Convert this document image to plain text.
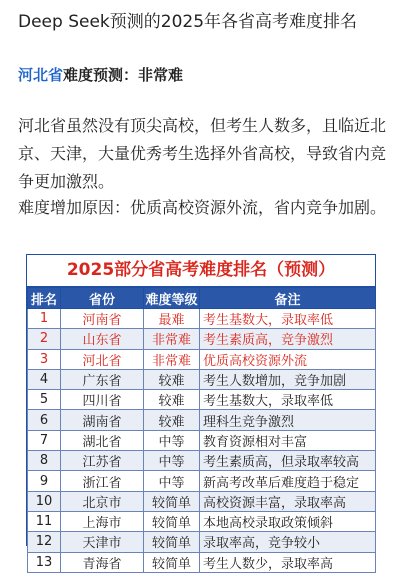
Deep Seek预测的2025年各省高考难度排名
河北省难度预测：非常难
河北省虽然没有顶尖高校，但考生人数多，且临近北京、天津，大量优秀考生选择外省高校，导致省内竞争更加激烈。
难度增加原因：优质高校资源外流，省内竞争加剧。
2025部分省高考难度排名（预测）
排名	省份	难度等级	备注
1	河南省	最难	考生基数大，录取率低
2	山东省	非常难	考生素质高，竞争激烈
3	河北省	非常难	优质高校资源外流
4	广东省	较难	考生人数增加，竞争加剧
5	四川省	较难	考生基数大，录取率低
6	湖南省	较难	理科生竞争激烈
7	湖北省	中等	教育资源相对丰富
8	江苏省	中等	考生素质高，但录取率较高
9	浙江省	中等	新高考改革后难度趋于稳定
10	北京市	较简单	高校资源丰富，录取率高
11	上海市	较简单	本地高校录取政策倾斜
12	天津市	较简单	录取率高，竞争较小
13	青海省	较简单	考生人数少，录取率高
